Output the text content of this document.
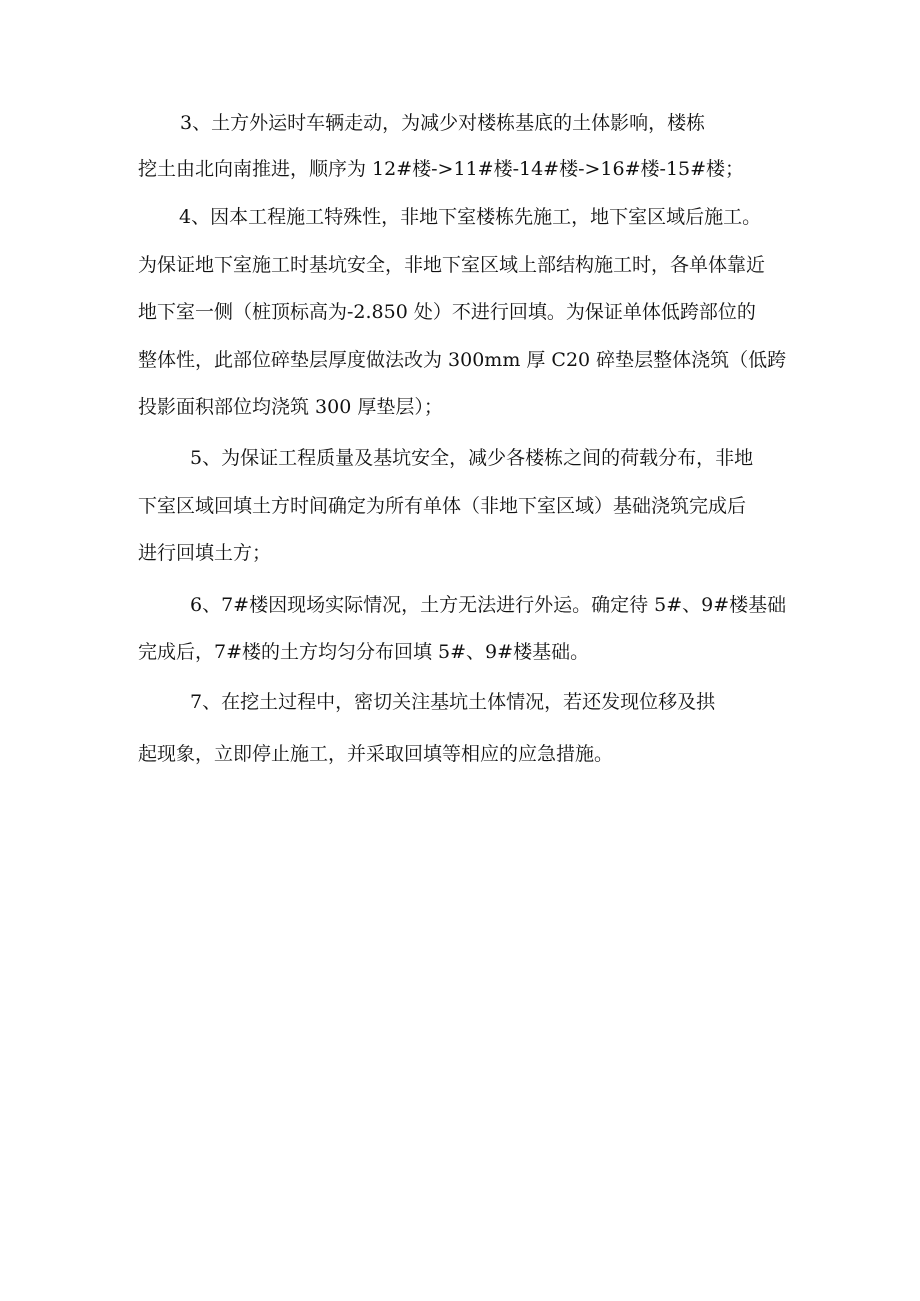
3、土方外运时车辆走动，为减少对楼栋基底的土体影响，楼栋
挖土由北向南推进，顺序为 12#楼->11#楼-14#楼->16#楼-15#楼；
4、因本工程施工特殊性，非地下室楼栋先施工，地下室区域后施工。
为保证地下室施工时基坑安全，非地下室区域上部结构施工时，各单体靠近
地下室一侧（桩顶标高为-2.850 处）不进行回填。为保证单体低跨部位的
整体性，此部位碎垫层厚度做法改为 300mm 厚 C20 碎垫层整体浇筑（低跨
投影面积部位均浇筑 300 厚垫层）；
5、为保证工程质量及基坑安全，减少各楼栋之间的荷载分布，非地
下室区域回填土方时间确定为所有单体（非地下室区域）基础浇筑完成后
进行回填土方；
6、7#楼因现场实际情况，土方无法进行外运。确定待 5#、9#楼基础
完成后，7#楼的土方均匀分布回填 5#、9#楼基础。
7、在挖土过程中，密切关注基坑土体情况，若还发现位移及拱
起现象，立即停止施工，并采取回填等相应的应急措施。
